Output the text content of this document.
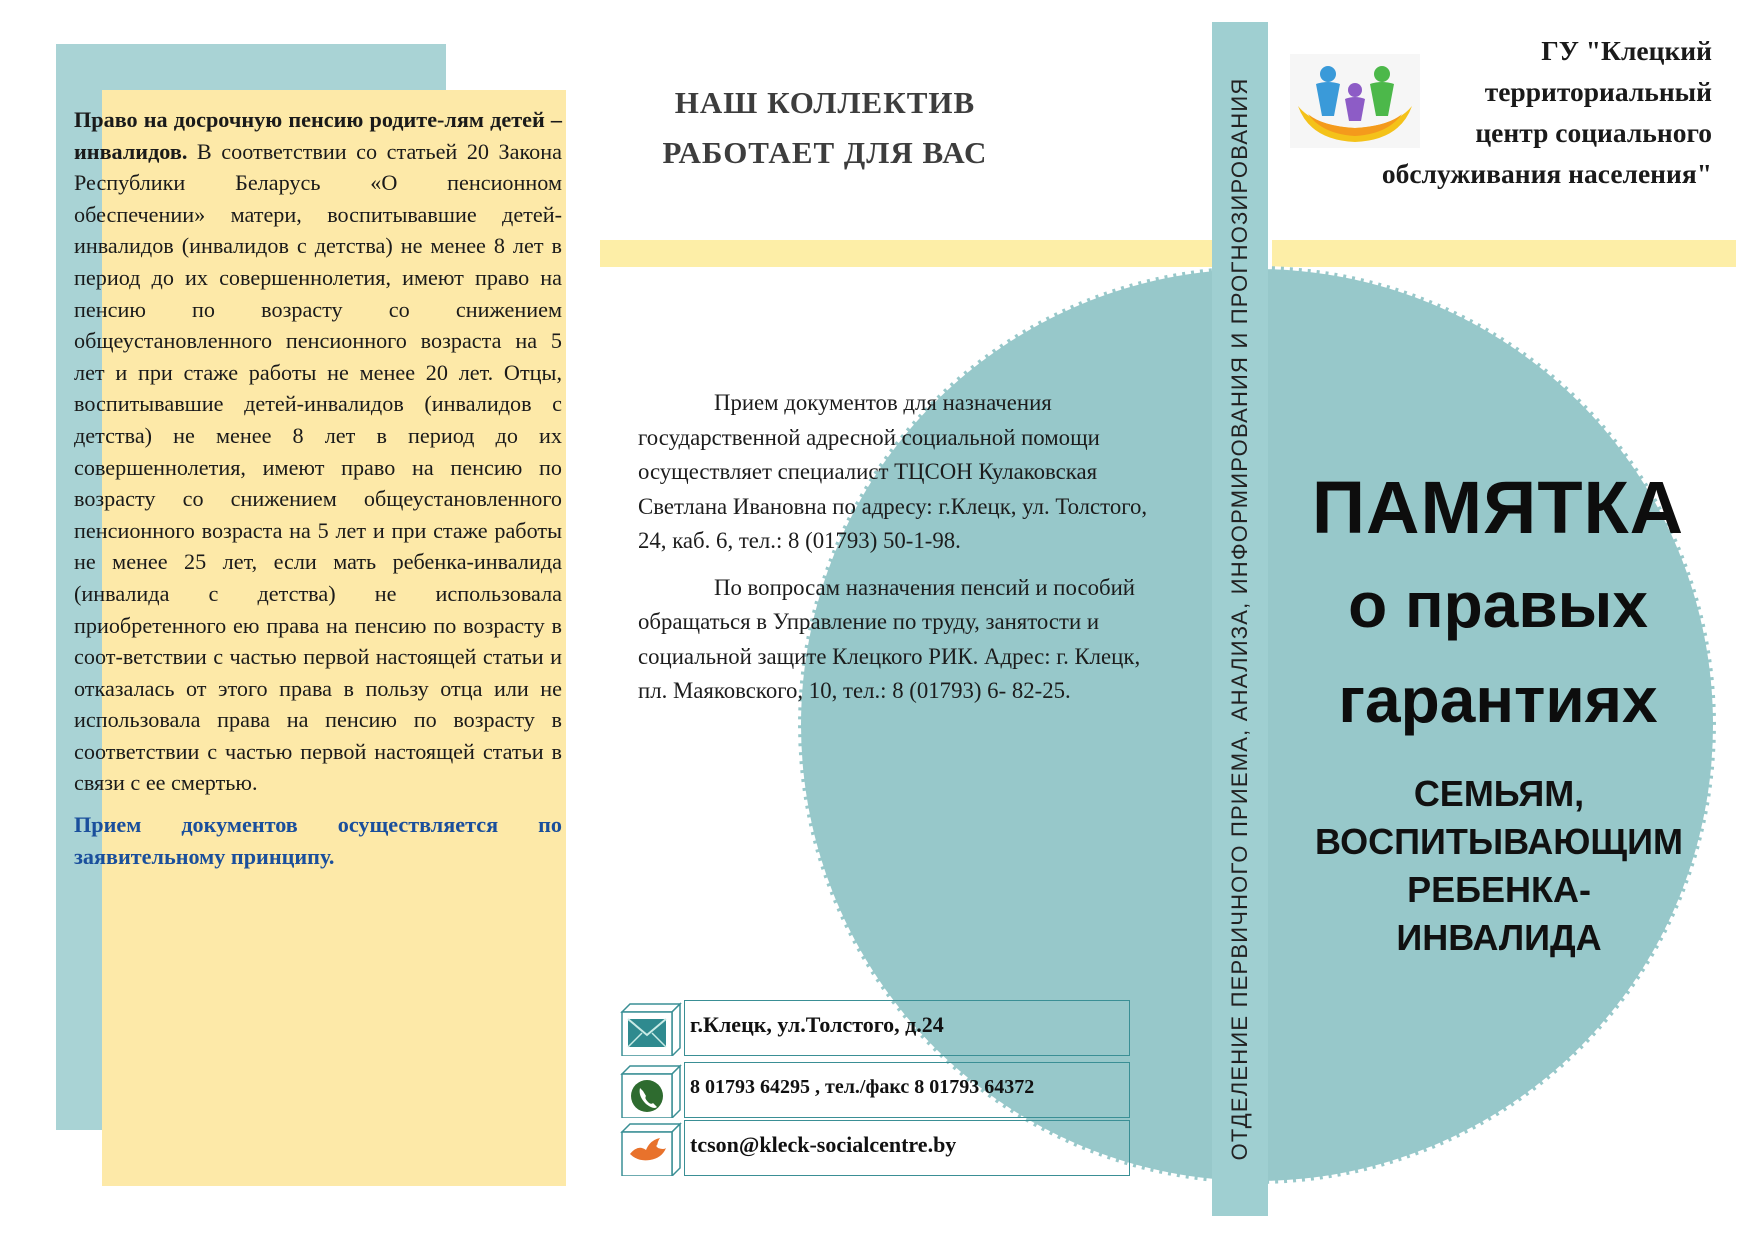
Право на досрочную пенсию родите-лям детей – инвалидов. В соответствии со статьей 20 Закона Республики Беларусь «О пенсионном обеспечении» матери, воспитывавшие детей-инвалидов (инвалидов с детства) не менее 8 лет в период до их совершеннолетия, имеют право на пенсию по возрасту со снижением общеустановленного пенсионного возраста на 5 лет и при стаже работы не менее 20 лет. Отцы, воспитывавшие детей-инвалидов (инвалидов с детства) не менее 8 лет в период до их совершеннолетия, имеют право на пенсию по возрасту со снижением общеустановленного пенсионного возраста на 5 лет и при стаже работы не менее 25 лет, если мать ребенка-инвалида (инвалида с детства) не использовала приобретенного ею права на пенсию по возрасту в соот-ветствии с частью первой настоящей статьи и отказалась от этого права в пользу отца или не использовала права на пенсию по возрасту в соответствии с частью первой настоящей статьи в связи с ее смертью.

Прием документов осуществляется по заявительному принципу.

НАШ КОЛЛЕКТИВ
РАБОТАЕТ ДЛЯ ВАС

Прием документов для назначения государственной адресной социальной помощи осуществляет специалист ТЦСОН Кулаковская Светлана Ивановна по адресу: г.Клецк, ул. Толстого, 24, каб. 6, тел.: 8 (01793) 50-1-98.

По вопросам назначения пенсий и пособий обращаться в Управление по труду, занятости и социальной защите Клецкого РИК. Адрес: г. Клецк, пл. Маяковского, 10, тел.: 8 (01793) 6- 82-25.

г.Клецк, ул.Толстого, д.24
8 01793 64295 , тел./факс 8 01793 64372
tcson@kleck-socialcentre.by	ОТДЕЛЕНИЕ ПЕРВИЧНОГО ПРИЕМА, АНАЛИЗА, ИНФОРМИРОВАНИЯ И ПРОГНОЗИРОВАНИЯ
ГУ "Клецкий
территориальный
центр социального
обслуживания населения"
ПАМЯТКА
о правых
гарантиях
СЕМЬЯМ,
ВОСПИТЫВАЮЩИМ
РЕБЕНКА-
ИНВАЛИДА
